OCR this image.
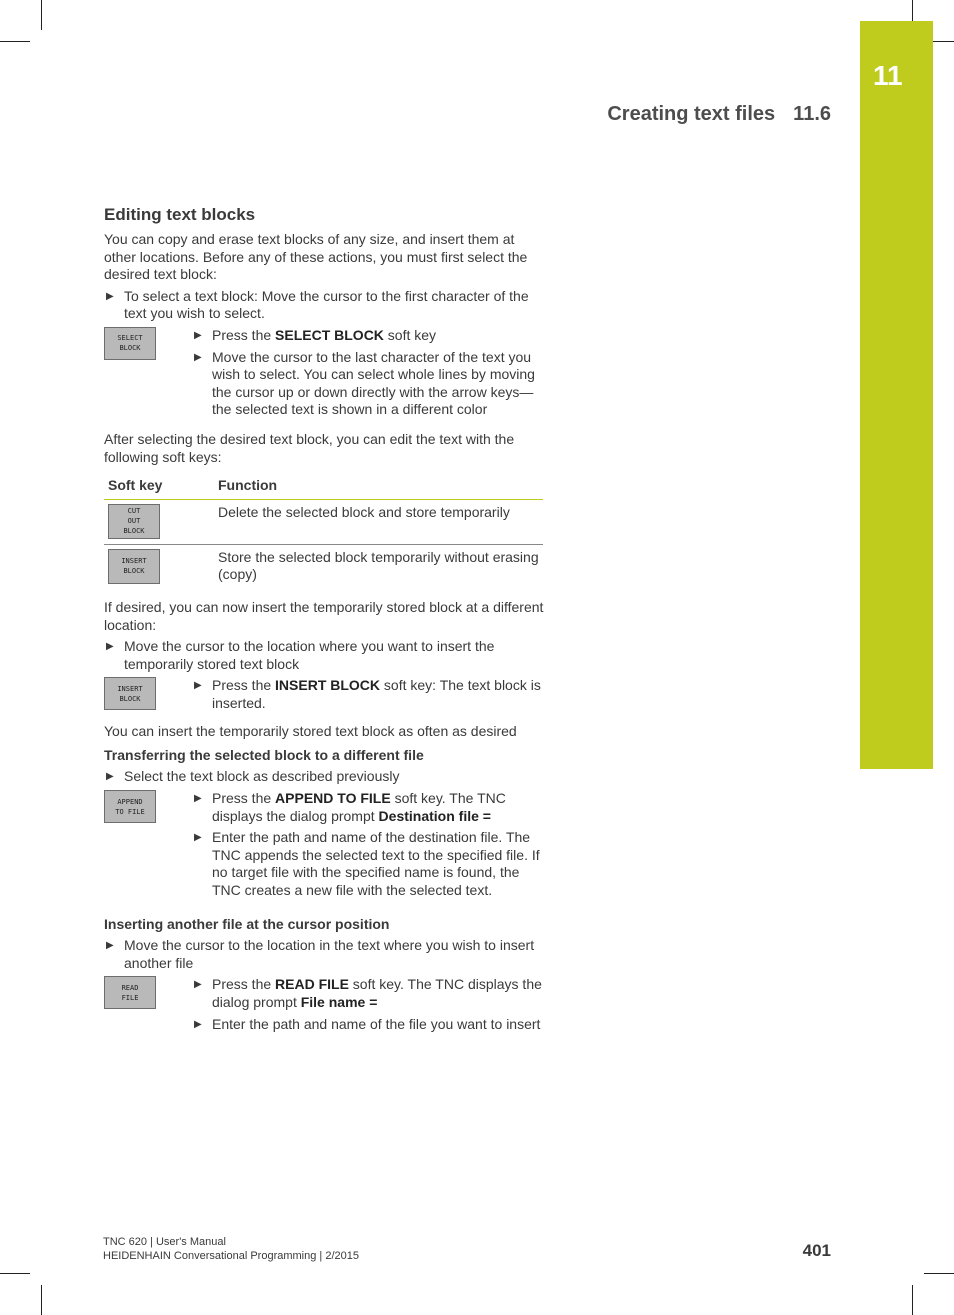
11
Creating text files 11.6
Editing text blocks

You can copy and erase text blocks of any size, and insert them at other locations. Before any of these actions, you must first select the desired text block:

▶ To select a text block: Move the cursor to the first character of the text you wish to select.
SELECT
BLOCK
▶ Press the SELECT BLOCK soft key
▶ Move the cursor to the last character of the text you wish to select. You can select whole lines by moving the cursor up or down directly with the arrow keys—the selected text is shown in a different color

After selecting the desired text block, you can edit the text with the following soft keys:

Soft key	Function

CUT
OUT
BLOCK	Delete the selected block and store temporarily

INSERT
BLOCK	Store the selected block temporarily without erasing (copy)

If desired, you can now insert the temporarily stored block at a different location:

▶ Move the cursor to the location where you want to insert the temporarily stored text block
INSERT
BLOCK
▶ Press the INSERT BLOCK soft key: The text block is inserted.

You can insert the temporarily stored text block as often as desired

Transferring the selected block to a different file
▶ Select the text block as described previously
APPEND
TO FILE
▶ Press the APPEND TO FILE soft key. The TNC displays the dialog prompt Destination file =
▶ Enter the path and name of the destination file. The TNC appends the selected text to the specified file. If no target file with the specified name is found, the TNC creates a new file with the selected text.
Inserting another file at the cursor position
▶ Move the cursor to the location in the text where you wish to insert another file
READ
FILE
▶ Press the READ FILE soft key. The TNC displays the dialog prompt File name =
▶ Enter the path and name of the file you want to insert
TNC 620 | User's Manual
HEIDENHAIN Conversational Programming | 2/2015	401
